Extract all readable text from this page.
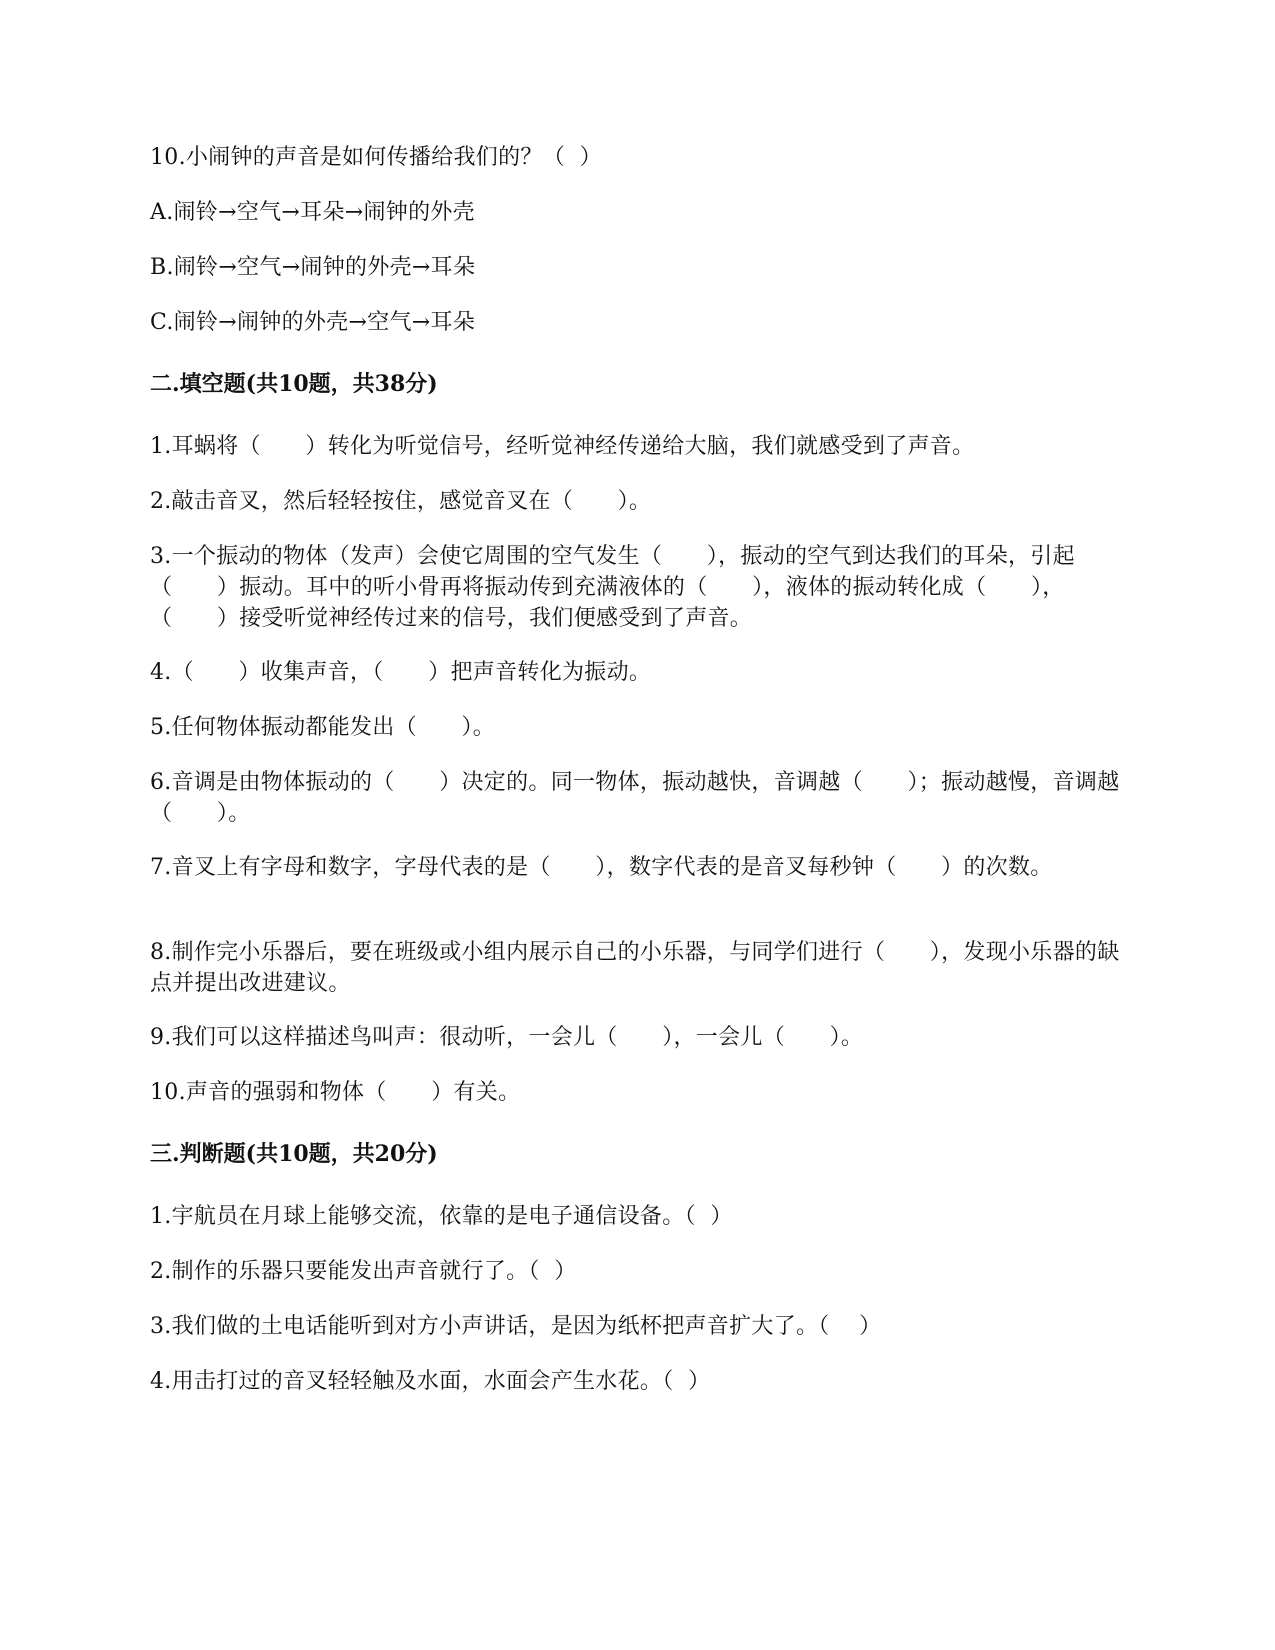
10.小闹钟的声音是如何传播给我们的？（  ）
A.闹铃→空气→耳朵→闹钟的外壳
B.闹铃→空气→闹钟的外壳→耳朵
C.闹铃→闹钟的外壳→空气→耳朵
二.填空题(共10题，共38分)
1.耳蜗将（　　）转化为听觉信号，经听觉神经传递给大脑，我们就感受到了声音。
2.敲击音叉，然后轻轻按住，感觉音叉在（　　）。
3.一个振动的物体（发声）会使它周围的空气发生（　　），振动的空气到达我们的耳朵，引起（　　）振动。耳中的听小骨再将振动传到充满液体的（　　），液体的振动转化成（　　），（　　）接受听觉神经传过来的信号，我们便感受到了声音。
4.（　　）收集声音，（　　）把声音转化为振动。
5.任何物体振动都能发出（　　）。
6.音调是由物体振动的（　　）决定的。同一物体，振动越快，音调越（　　）；振动越慢，音调越（　　）。
7.音叉上有字母和数字，字母代表的是（　　），数字代表的是音叉每秒钟（　　）的次数。
8.制作完小乐器后，要在班级或小组内展示自己的小乐器，与同学们进行（　　），发现小乐器的缺点并提出改进建议。
9.我们可以这样描述鸟叫声：很动听，一会儿（　　），一会儿（　　）。
10.声音的强弱和物体（　　）有关。
三.判断题(共10题，共20分)
1.宇航员在月球上能够交流，依靠的是电子通信设备。（  ）
2.制作的乐器只要能发出声音就行了。（  ）
3.我们做的土电话能听到对方小声讲话，是因为纸杯把声音扩大了。（　 ）
4.用击打过的音叉轻轻触及水面，水面会产生水花。（  ）
